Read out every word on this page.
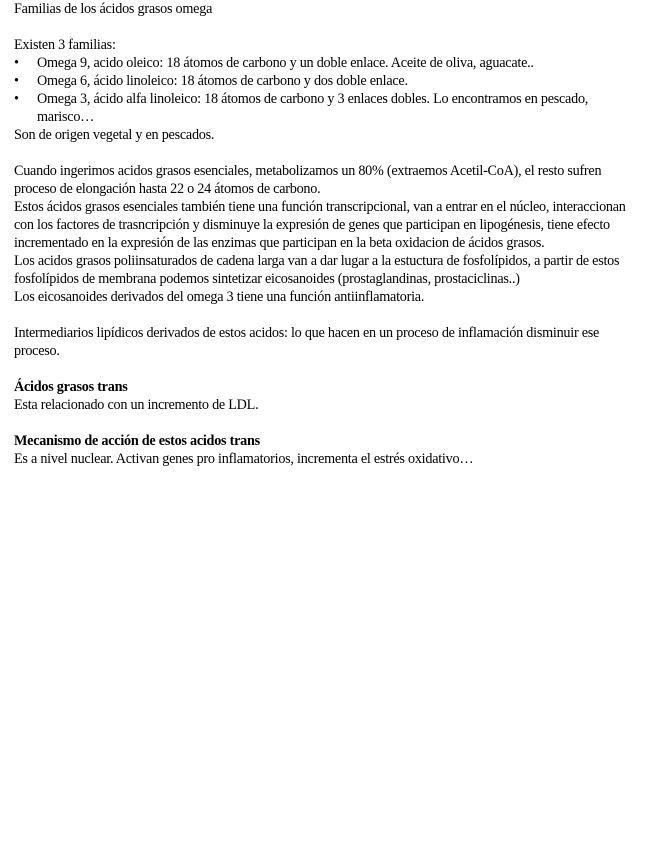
Familias de los ácidos grasos omega

Existen 3 familias:

• Omega 9, acido oleico: 18 átomos de carbono y un doble enlace. Aceite de oliva, aguacate..
• Omega 6, ácido linoleico: 18 átomos de carbono y dos doble enlace.
• Omega 3, ácido alfa linoleico: 18 átomos de carbono y 3 enlaces dobles. Lo encontramos en pescado, marisco…

Son de origen vegetal y en pescados.

Cuando ingerimos acidos grasos esenciales, metabolizamos un 80% (extraemos Acetil-CoA), el resto sufren proceso de elongación hasta 22 o 24 átomos de carbono.

Estos ácidos grasos esenciales también tiene una función transcripcional, van a entrar en el núcleo, interaccionan con los factores de trasncripción y disminuye la expresión de genes que participan en lipogénesis, tiene efecto incrementado en la expresión de las enzimas que participan en la beta oxidacion de ácidos grasos.

Los acidos grasos poliinsaturados de cadena larga van a dar lugar a la estuctura de fosfolípidos, a partir de estos fosfolípidos de membrana podemos sintetizar eicosanoides (prostaglandinas, prostaciclinas..)

Los eicosanoides derivados del omega 3 tiene una función antiinflamatoria.

Intermediarios lipídicos derivados de estos acidos: lo que hacen en un proceso de inflamación disminuir ese proceso.

Ácidos grasos trans

Esta relacionado con un incremento de LDL.

Mecanismo de acción de estos acidos trans

Es a nivel nuclear. Activan genes pro inflamatorios, incrementa el estrés oxidativo…
